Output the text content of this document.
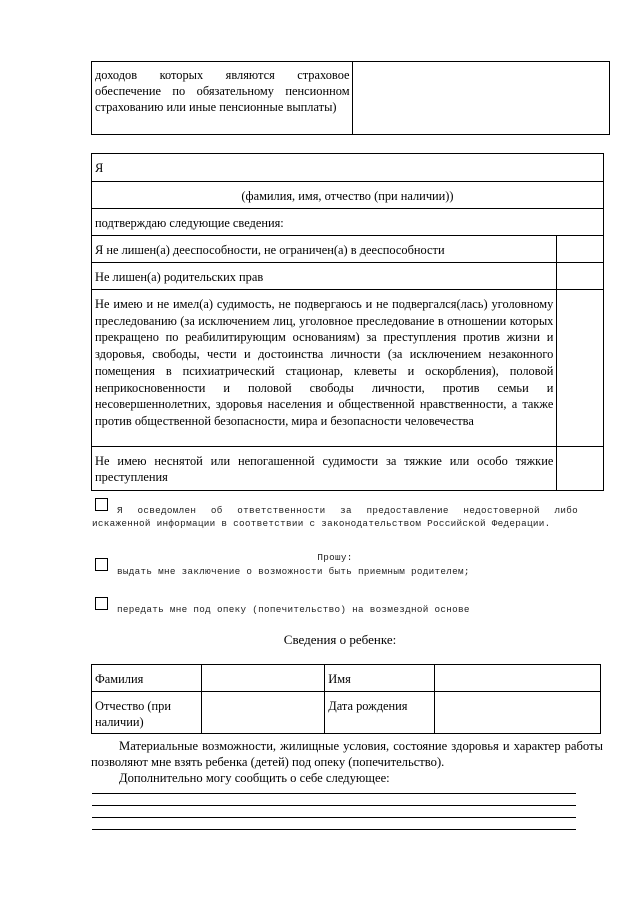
доходов которых являются страховое обеспечение по обязательному пенсионном страхованию или иные пенсионные выплаты)

Я	
(фамилия, имя, отчество (при наличии))	
подтверждаю следующие сведения:	
Я не лишен(а) дееспособности, не ограничен(а) в дееспособности	
Не лишен(а) родительских прав	

Не имею и не имел(а) судимость, не подвергаюсь и не подвергался(лась) уголовному преследованию (за исключением лиц, уголовное преследование в отношении которых прекращено по реабилитирующим основаниям) за преступления против жизни и здоровья, свободы, чести и достоинства личности (за исключением незаконного помещения в психиатрический стационар, клеветы и оскорбления), половой неприкосновенности и половой свободы личности, против семьи и несовершеннолетних, здоровья населения и общественной нравственности, а также против общественной безопасности, мира и безопасности человечества	

Не имею неснятой или непогашенной судимости за тяжкие или особо тяжкие преступления	

Я осведомлен об ответственности за предоставление недостоверной либо искаженной информации в соответствии с законодательством Российской Федерации.
Прошу:
выдать мне заключение о возможности быть приемным родителем;
передать мне под опеку (попечительство) на возмездной основе
Сведения о ребенке:
Фамилия		Имя	
Отчество (при наличии)		Дата рождения	
Материальные возможности, жилищные условия, состояние здоровья и характер работы позволяют мне взять ребенка (детей) под опеку (попечительство).
Дополнительно могу сообщить о себе следующее:
